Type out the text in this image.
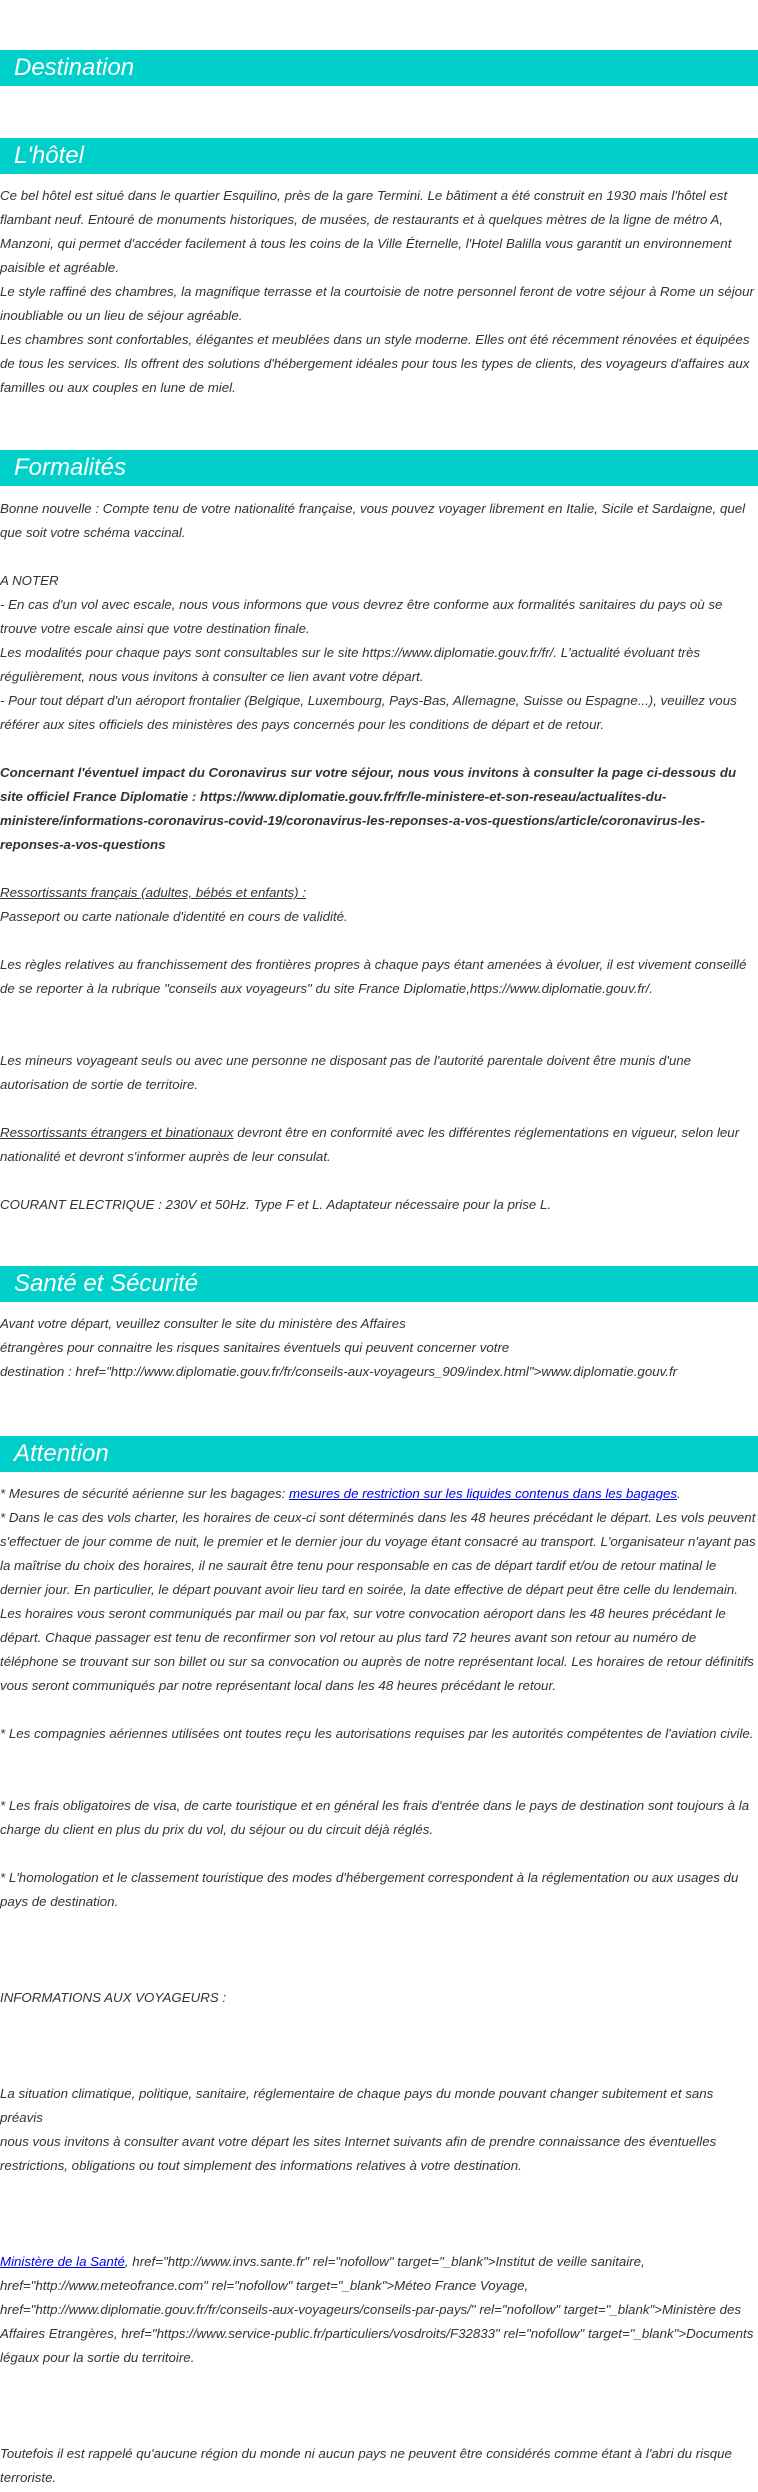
Destination
L'hôtel

Ce bel hôtel est situé dans le quartier Esquilino, près de la gare Termini. Le bâtiment a été construit en 1930 mais l'hôtel est flambant neuf. Entouré de monuments historiques, de musées, de restaurants et à quelques mètres de la ligne de métro A, Manzoni, qui permet d'accéder facilement à tous les coins de la Ville Éternelle, l'Hotel Balilla vous garantit un environnement paisible et agréable.

Le style raffiné des chambres, la magnifique terrasse et la courtoisie de notre personnel feront de votre séjour à Rome un séjour inoubliable ou un lieu de séjour agréable.

Les chambres sont confortables, élégantes et meublées dans un style moderne. Elles ont été récemment rénovées et équipées de tous les services. Ils offrent des solutions d'hébergement idéales pour tous les types de clients, des voyageurs d'affaires aux familles ou aux couples en lune de miel.

Formalités
Bonne nouvelle : Compte tenu de votre nationalité française, vous pouvez voyager librement en Italie, Sicile et Sardaigne, quel que soit votre schéma vaccinal.
A NOTER

- En cas d'un vol avec escale, nous vous informons que vous devrez être conforme aux formalités sanitaires du pays où se trouve votre escale ainsi que votre destination finale.

Les modalités pour chaque pays sont consultables sur le site https://www.diplomatie.gouv.fr/fr/. L'actualité évoluant très régulièrement, nous vous invitons à consulter ce lien avant votre départ.

- Pour tout départ d'un aéroport frontalier (Belgique, Luxembourg, Pays-Bas, Allemagne, Suisse ou Espagne...), veuillez vous référer aux sites officiels des ministères des pays concernés pour les conditions de départ et de retour.

Concernant l'éventuel impact du Coronavirus sur votre séjour, nous vous invitons à consulter la page ci-dessous du site officiel France Diplomatie : https://www.diplomatie.gouv.fr/fr/le-ministere-et-son-reseau/actualites-du-ministere/informations-coronavirus-covid-19/coronavirus-les-reponses-a-vos-questions/article/coronavirus-les-reponses-a-vos-questions

Ressortissants français (adultes, bébés et enfants) :

Passeport ou carte nationale d'identité en cours de validité.

Les règles relatives au franchissement des frontières propres à chaque pays étant amenées à évoluer, il est vivement conseillé de se reporter à la rubrique "conseils aux voyageurs" du site France Diplomatie,https://www.diplomatie.gouv.fr/.
Les mineurs voyageant seuls ou avec une personne ne disposant pas de l'autorité parentale doivent être munis d'une autorisation de sortie de territoire.
Ressortissants étrangers et binationaux devront être en conformité avec les différentes réglementations en vigueur, selon leur nationalité et devront s'informer auprès de leur consulat.
COURANT ELECTRIQUE : 230V et 50Hz. Type F et L. Adaptateur nécessaire pour la prise L.
Santé et Sécurité

Avant votre départ, veuillez consulter le site du ministère des Affaires

étrangères pour connaitre les risques sanitaires éventuels qui peuvent concerner votre

destination : href="http://www.diplomatie.gouv.fr/fr/conseils-aux-voyageurs_909/index.html">www.diplomatie.gouv.fr

Attention
* Mesures de sécurité aérienne sur les bagages: mesures de restriction sur les liquides contenus dans les bagages.
* Dans le cas des vols charter, les horaires de ceux-ci sont déterminés dans les 48 heures précédant le départ. Les vols peuvent s'effectuer de jour comme de nuit, le premier et le dernier jour du voyage étant consacré au transport. L'organisateur n'ayant pas la maîtrise du choix des horaires, il ne saurait être tenu pour responsable en cas de départ tardif et/ou de retour matinal le dernier jour. En particulier, le départ pouvant avoir lieu tard en soirée, la date effective de départ peut être celle du lendemain. Les horaires vous seront communiqués par mail ou par fax, sur votre convocation aéroport dans les 48 heures précédant le départ. Chaque passager est tenu de reconfirmer son vol retour au plus tard 72 heures avant son retour au numéro de téléphone se trouvant sur son billet ou sur sa convocation ou auprès de notre représentant local. Les horaires de retour définitifs vous seront communiqués par notre représentant local dans les 48 heures précédant le retour.
* Les compagnies aériennes utilisées ont toutes reçu les autorisations requises par les autorités compétentes de l'aviation civile.
* Les frais obligatoires de visa, de carte touristique et en général les frais d'entrée dans le pays de destination sont toujours à la charge du client en plus du prix du vol, du séjour ou du circuit déjà réglés.
* L'homologation et le classement touristique des modes d'hébergement correspondent à la réglementation ou aux usages du pays de destination.
INFORMATIONS AUX VOYAGEURS :

La situation climatique, politique, sanitaire, réglementaire de chaque pays du monde pouvant changer subitement et sans préavis

nous vous invitons à consulter avant votre départ les sites Internet suivants afin de prendre connaissance des éventuelles restrictions, obligations ou tout simplement des informations relatives à votre destination.

Ministère de la Santé, href="http://www.invs.sante.fr" rel="nofollow" target="_blank">Institut de veille sanitaire, href="http://www.meteofrance.com" rel="nofollow" target="_blank">Méteo France Voyage, href="http://www.diplomatie.gouv.fr/fr/conseils-aux-voyageurs/conseils-par-pays/" rel="nofollow" target="_blank">Ministère des Affaires Etrangères, href="https://www.service-public.fr/particuliers/vosdroits/F32833" rel="nofollow" target="_blank">Documents légaux pour la sortie du territoire.
Toutefois il est rappelé qu'aucune région du monde ni aucun pays ne peuvent être considérés comme étant à l'abri du risque terroriste.
